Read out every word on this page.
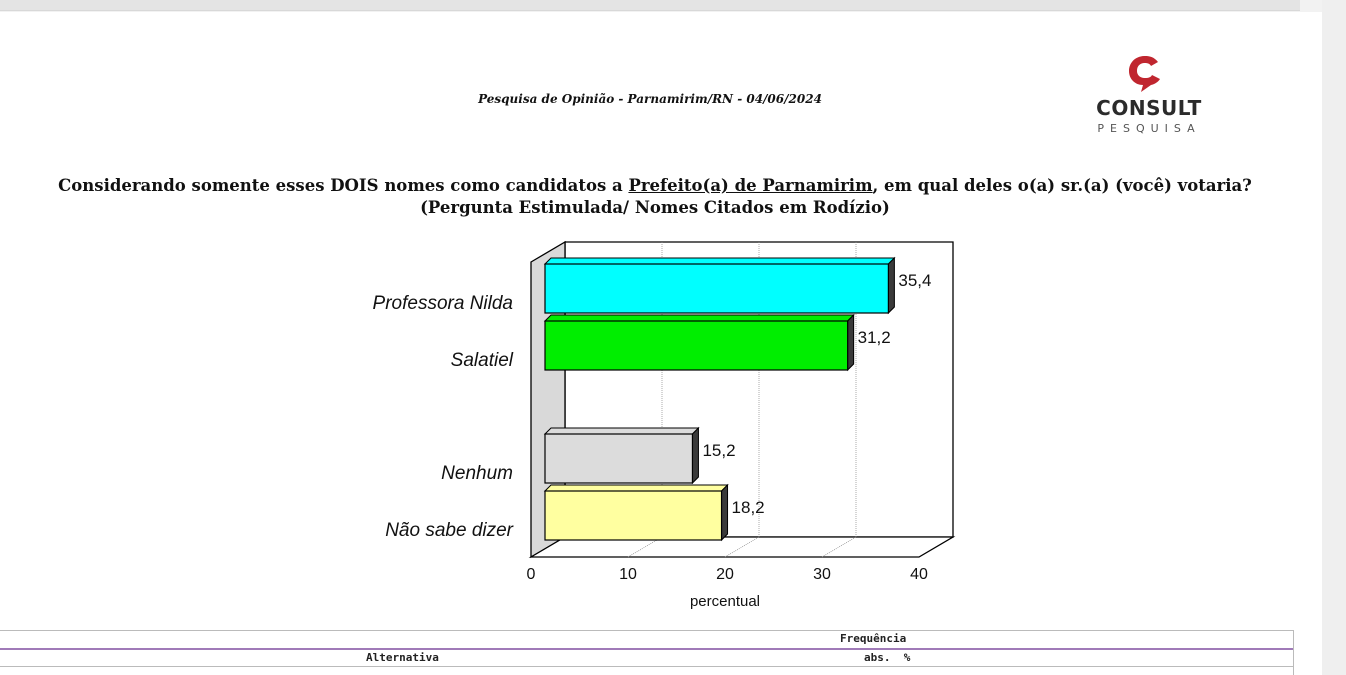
Pesquisa de Opinião - Parnamirim/RN - 04/06/2024	CONSULT
PESQUISA
Considerando somente esses DOIS nomes como candidatos a Prefeito(a) de Parnamirim, em qual deles o(a) sr.(a) (você) votaria?
(Pergunta Estimulada/ Nomes Citados em Rodízio)
35,4
Professora Nilda
31,2
Salatiel
15,2
Nenhum
18,2
Não sabe dizer
0	10	20	30	40
percentual
Frequência
Alternativa	abs.  %
